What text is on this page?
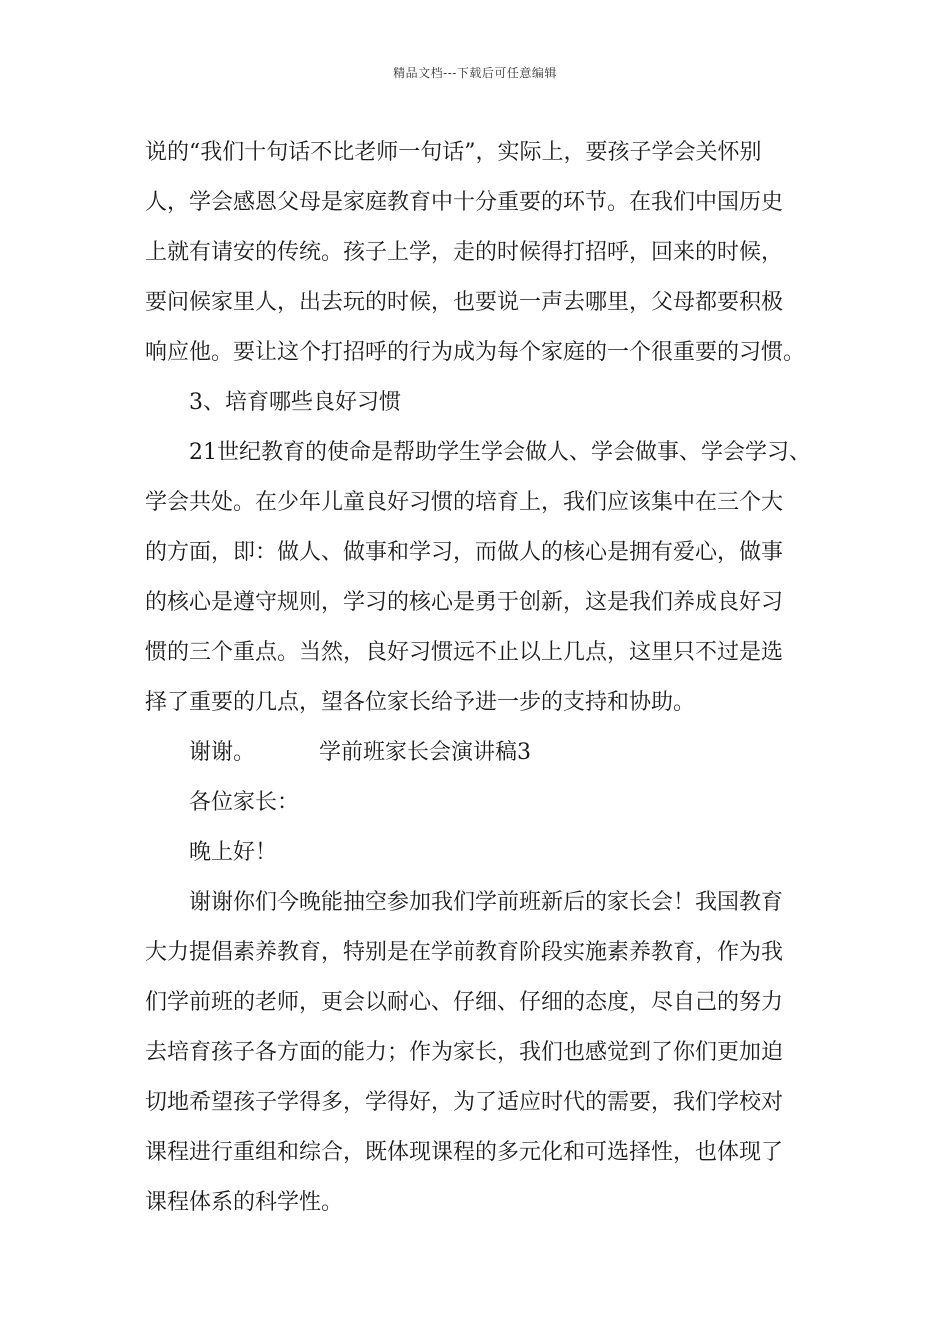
精品文档---下载后可任意编辑
说的“我们十句话不比老师一句话”，实际上，要孩子学会关怀别
人，学会感恩父母是家庭教育中十分重要的环节。在我们中国历史
上就有请安的传统。孩子上学，走的时候得打招呼，回来的时候，
要问候家里人，出去玩的时候，也要说一声去哪里，父母都要积极
响应他。要让这个打招呼的行为成为每个家庭的一个很重要的习惯。
3、培育哪些良好习惯
21世纪教育的使命是帮助学生学会做人、学会做事、学会学习、
学会共处。在少年儿童良好习惯的培育上，我们应该集中在三个大
的方面，即：做人、做事和学习，而做人的核心是拥有爱心，做事
的核心是遵守规则，学习的核心是勇于创新，这是我们养成良好习
惯的三个重点。当然，良好习惯远不止以上几点，这里只不过是选
择了重要的几点，望各位家长给予进一步的支持和协助。
谢谢。	学前班家长会演讲稿3
各位家长：
晚上好！
谢谢你们今晚能抽空参加我们学前班新后的家长会！我国教育
大力提倡素养教育，特别是在学前教育阶段实施素养教育，作为我
们学前班的老师，更会以耐心、仔细、仔细的态度，尽自己的努力
去培育孩子各方面的能力；作为家长，我们也感觉到了你们更加迫
切地希望孩子学得多，学得好，为了适应时代的需要，我们学校对
课程进行重组和综合，既体现课程的多元化和可选择性，也体现了
课程体系的科学性。
